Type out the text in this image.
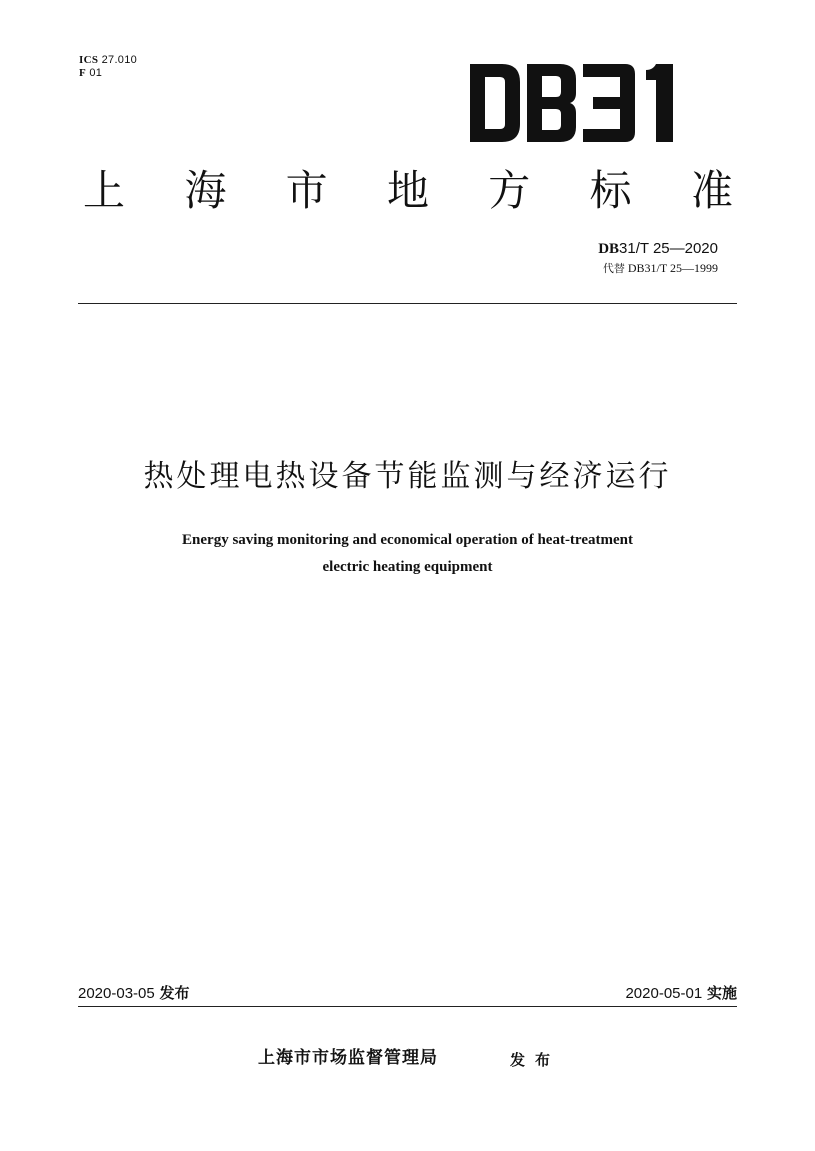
ICS 27.010
F 01
上 海 市 地 方 标 准
DB31/T 25—2020
代替 DB31/T 25—1999
热处理电热设备节能监测与经济运行
Energy saving monitoring and economical operation of heat-treatment
electric heating equipment
2020-03-05 发布	2020-05-01 实施
上海市市场监督管理局	发布
